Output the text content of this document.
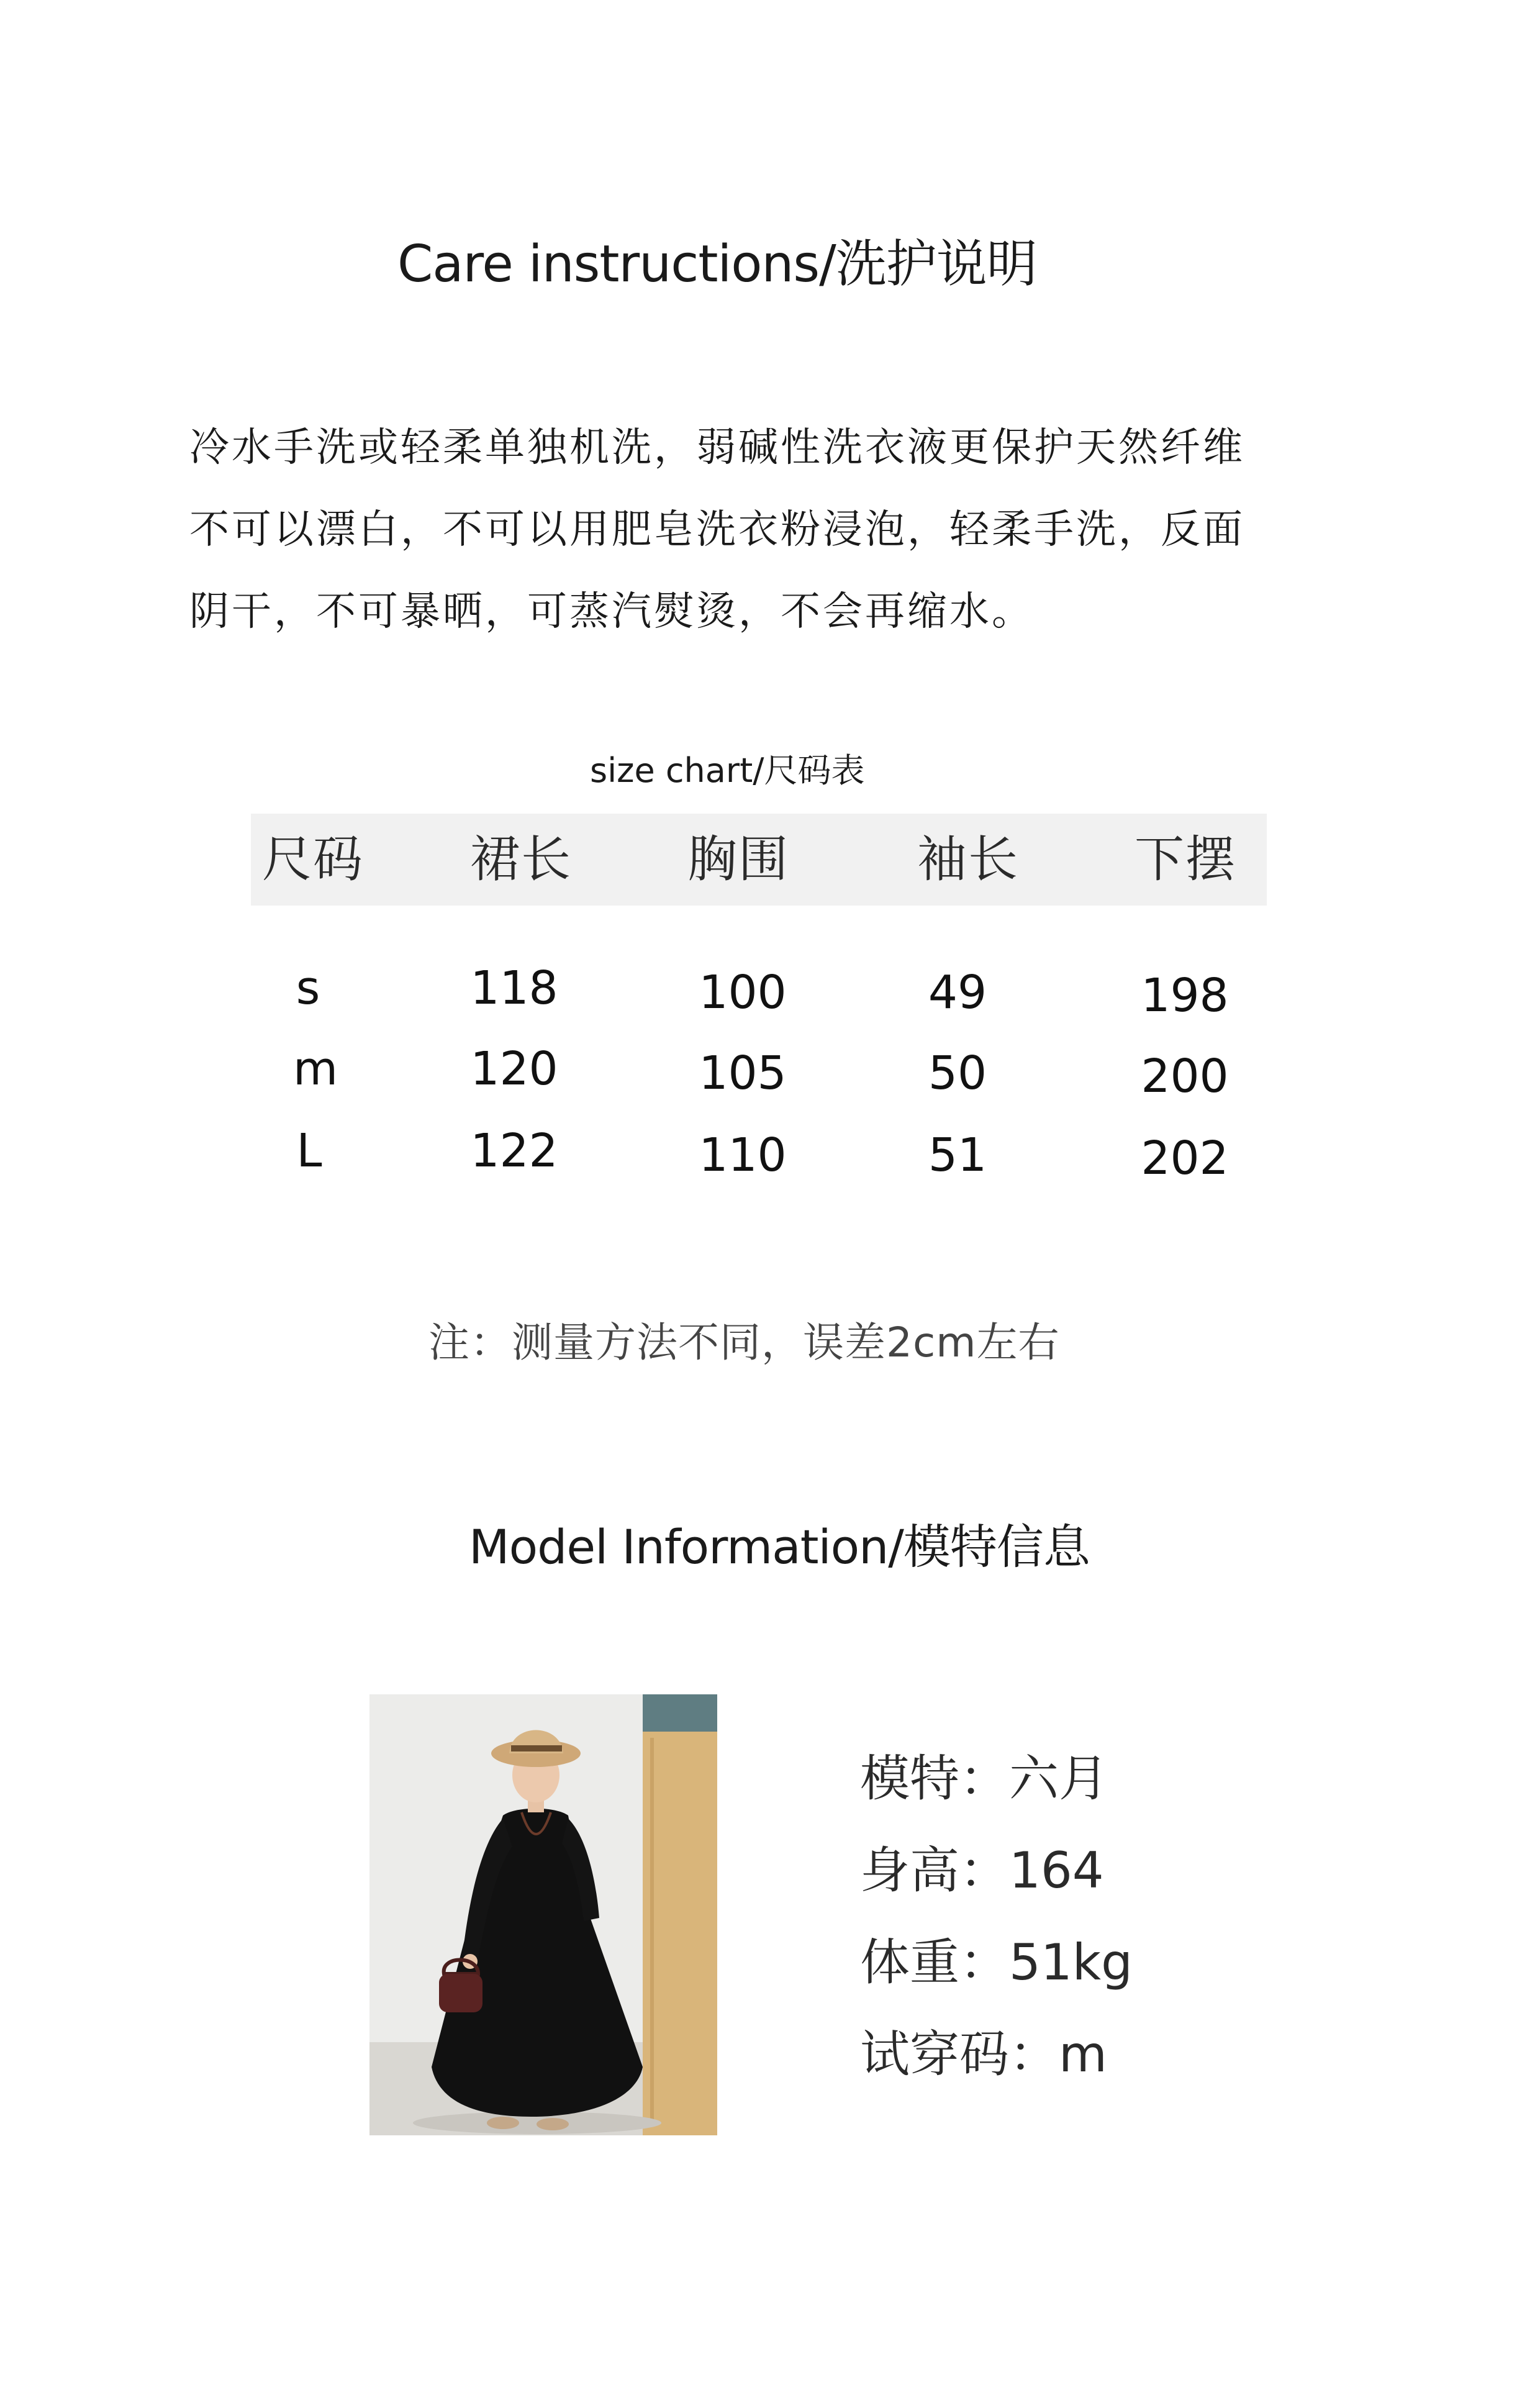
Care instructions/洗护说明
冷水手洗或轻柔单独机洗，弱碱性洗衣液更保护天然纤维
不可以漂白，不可以用肥皂洗衣粉浸泡，轻柔手洗，反面
阴干，不可暴晒，可蒸汽熨烫，不会再缩水。
size chart/尺码表
尺码	裙长	胸围	袖长	下摆
s	118	100	49	198
m	120	105	50	200
L	122	110	51	202
注：测量方法不同，误差2cm左右
Model Information/模特信息
模特：六月
身高：164
体重：51kg
试穿码：m
